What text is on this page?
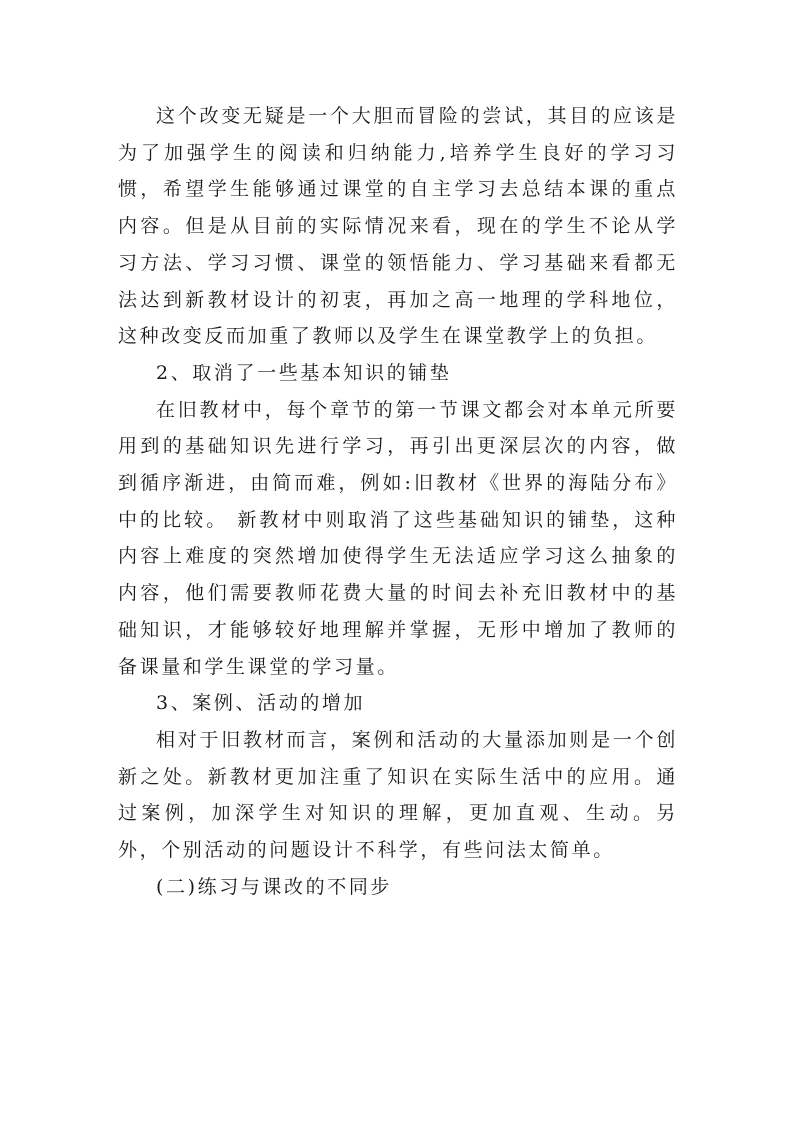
这个改变无疑是一个大胆而冒险的尝试，其目的应该是为了加强学生的阅读和归纳能力,培养学生良好的学习习惯，希望学生能够通过课堂的自主学习去总结本课的重点内容。但是从目前的实际情况来看，现在的学生不论从学习方法、学习习惯、课堂的领悟能力、学习基础来看都无法达到新教材设计的初衷，再加之高一地理的学科地位，这种改变反而加重了教师以及学生在课堂教学上的负担。

2、取消了一些基本知识的铺垫

在旧教材中，每个章节的第一节课文都会对本单元所要用到的基础知识先进行学习，再引出更深层次的内容，做到循序渐进，由简而难，例如:旧教材《世界的海陆分布》中的比较。 新教材中则取消了这些基础知识的铺垫，这种内容上难度的突然增加使得学生无法适应学习这么抽象的内容，他们需要教师花费大量的时间去补充旧教材中的基础知识，才能够较好地理解并掌握，无形中增加了教师的备课量和学生课堂的学习量。

3、案例、活动的增加

相对于旧教材而言，案例和活动的大量添加则是一个创新之处。新教材更加注重了知识在实际生活中的应用。通过案例，加深学生对知识的理解，更加直观、生动。另外，个别活动的问题设计不科学，有些问法太简单。

(二)练习与课改的不同步
